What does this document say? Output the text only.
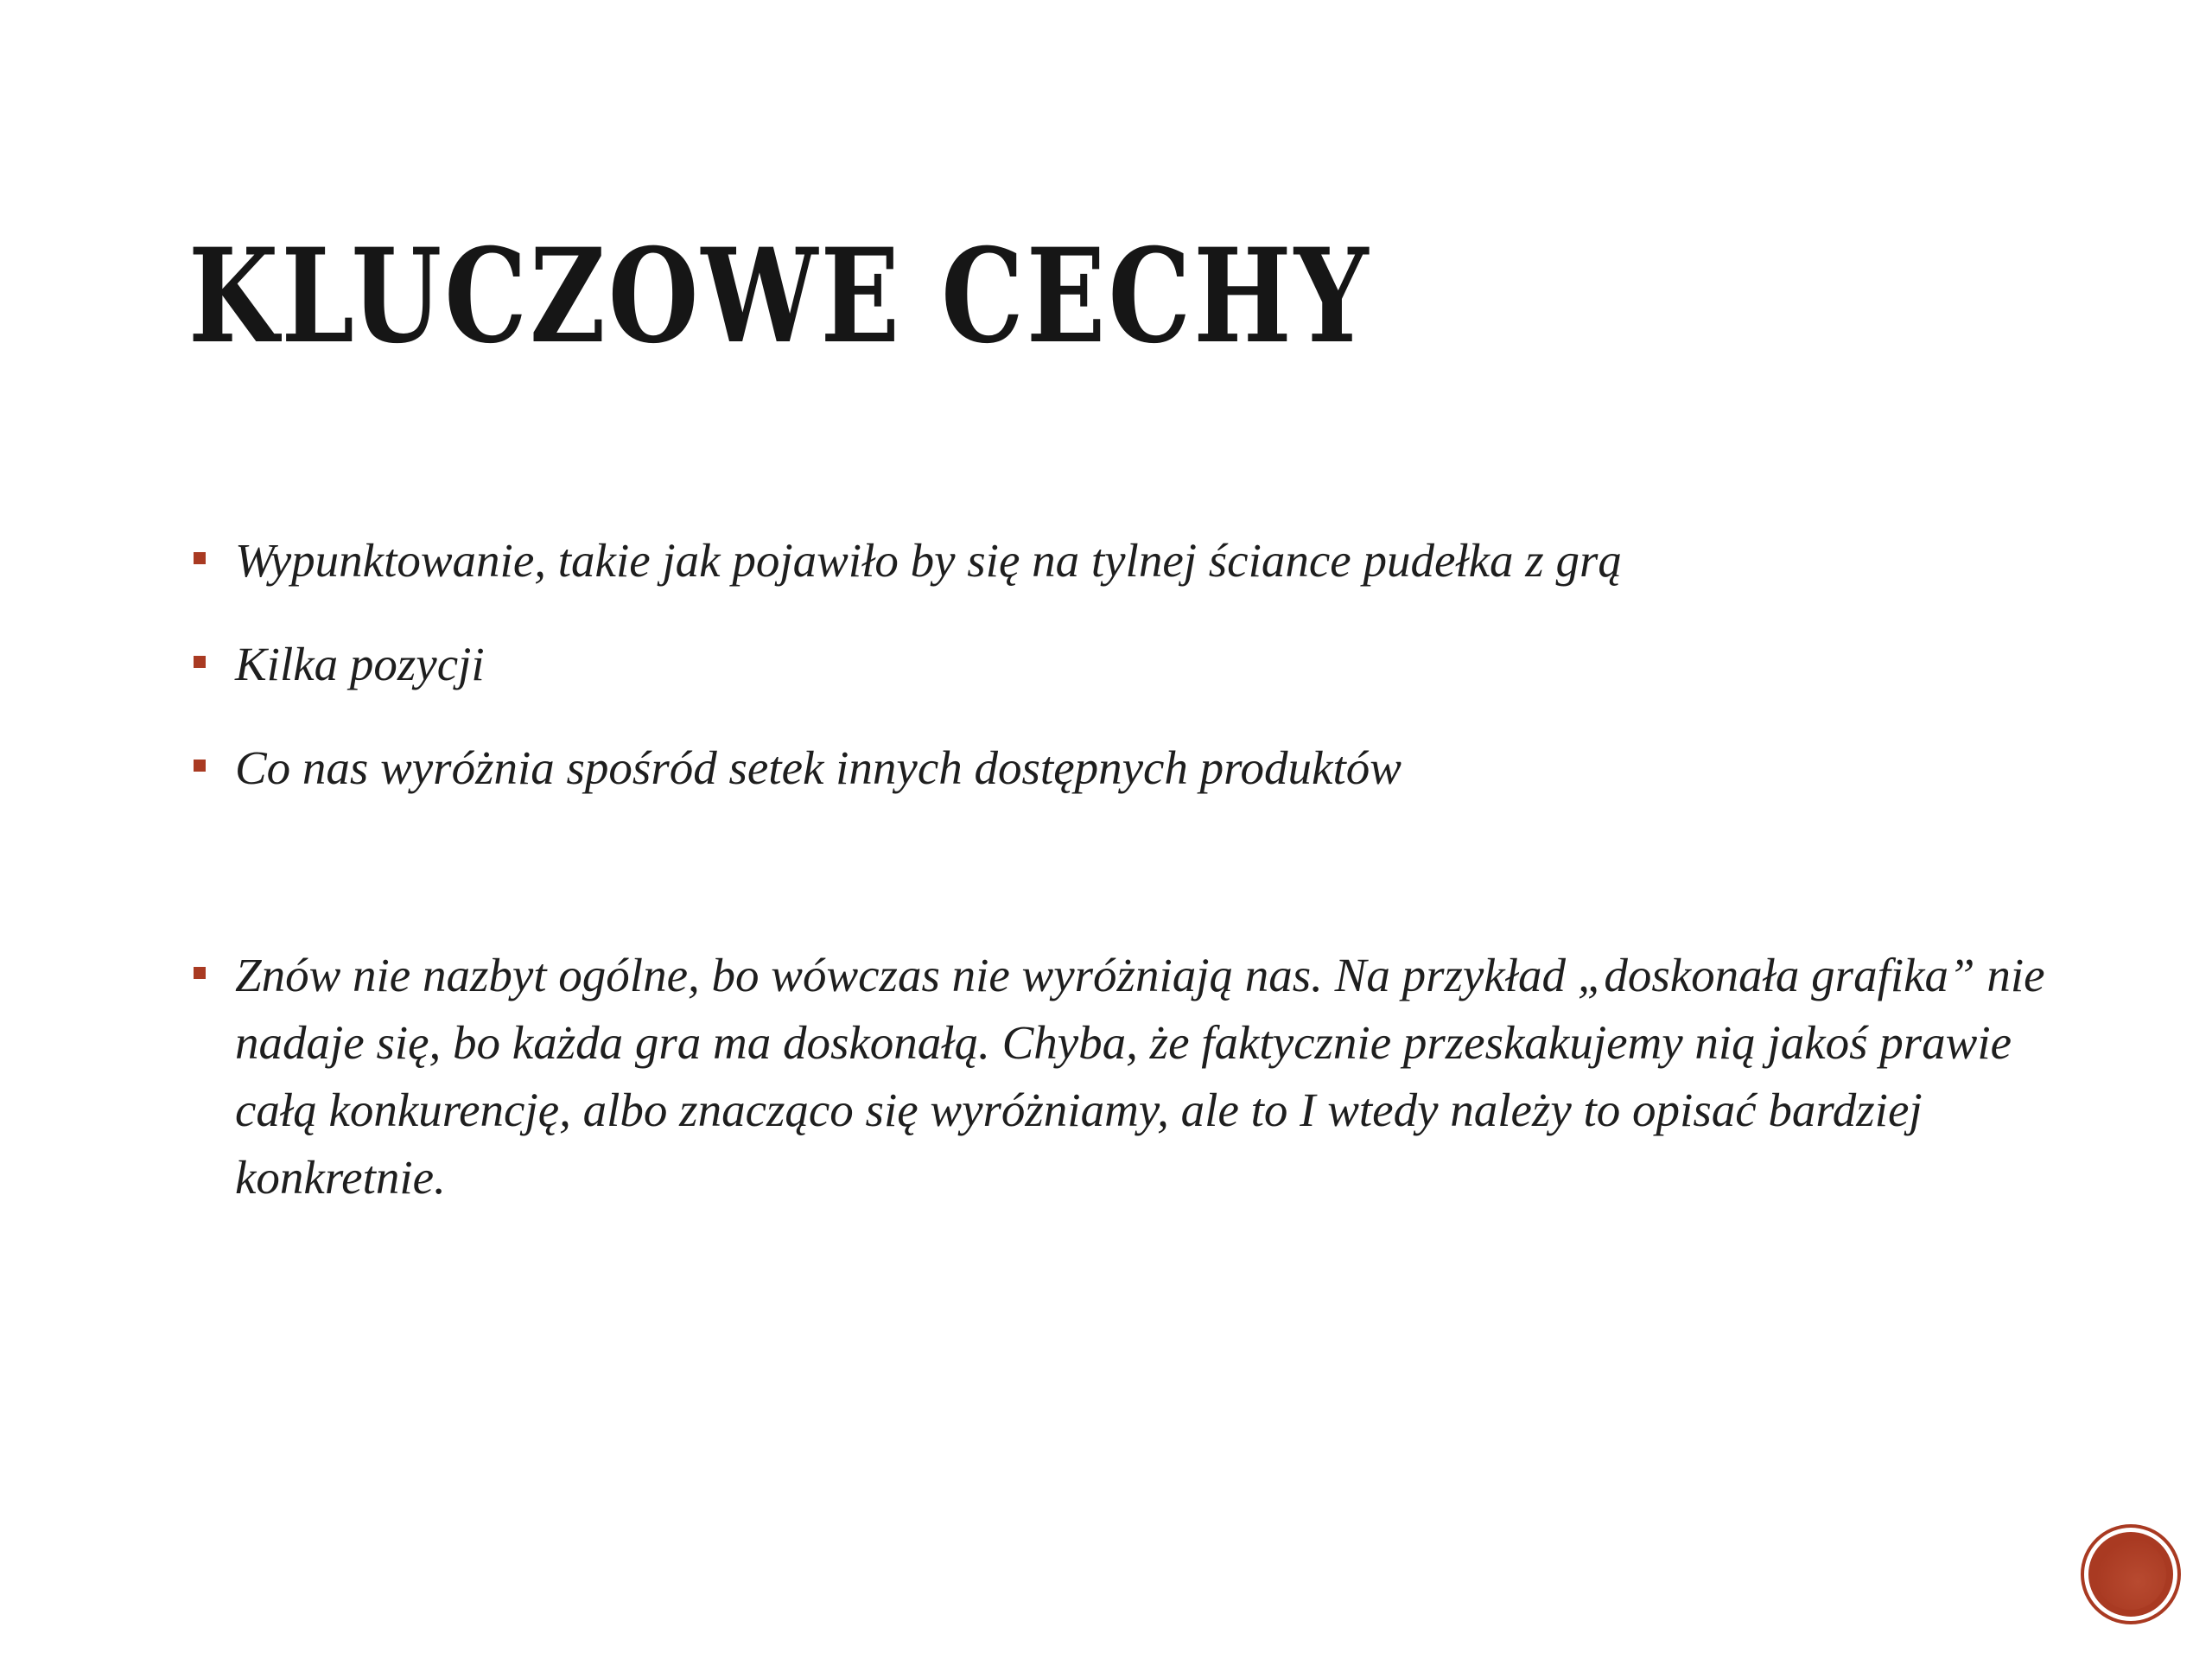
KLUCZOWE CECHY
Wypunktowanie, takie jak pojawiło by się na tylnej ściance pudełka z grą
Kilka pozycji
Co nas wyróżnia spośród setek innych dostępnych produktów
Znów nie nazbyt ogólne, bo wówczas nie wyróżniają nas. Na przykład „doskonała grafika” nie nadaje się, bo każda gra ma doskonałą. Chyba, że faktycznie przeskakujemy nią jakoś prawie całą konkurencję, albo znacząco się wyróżniamy, ale to I wtedy należy to opisać bardziej konkretnie.
